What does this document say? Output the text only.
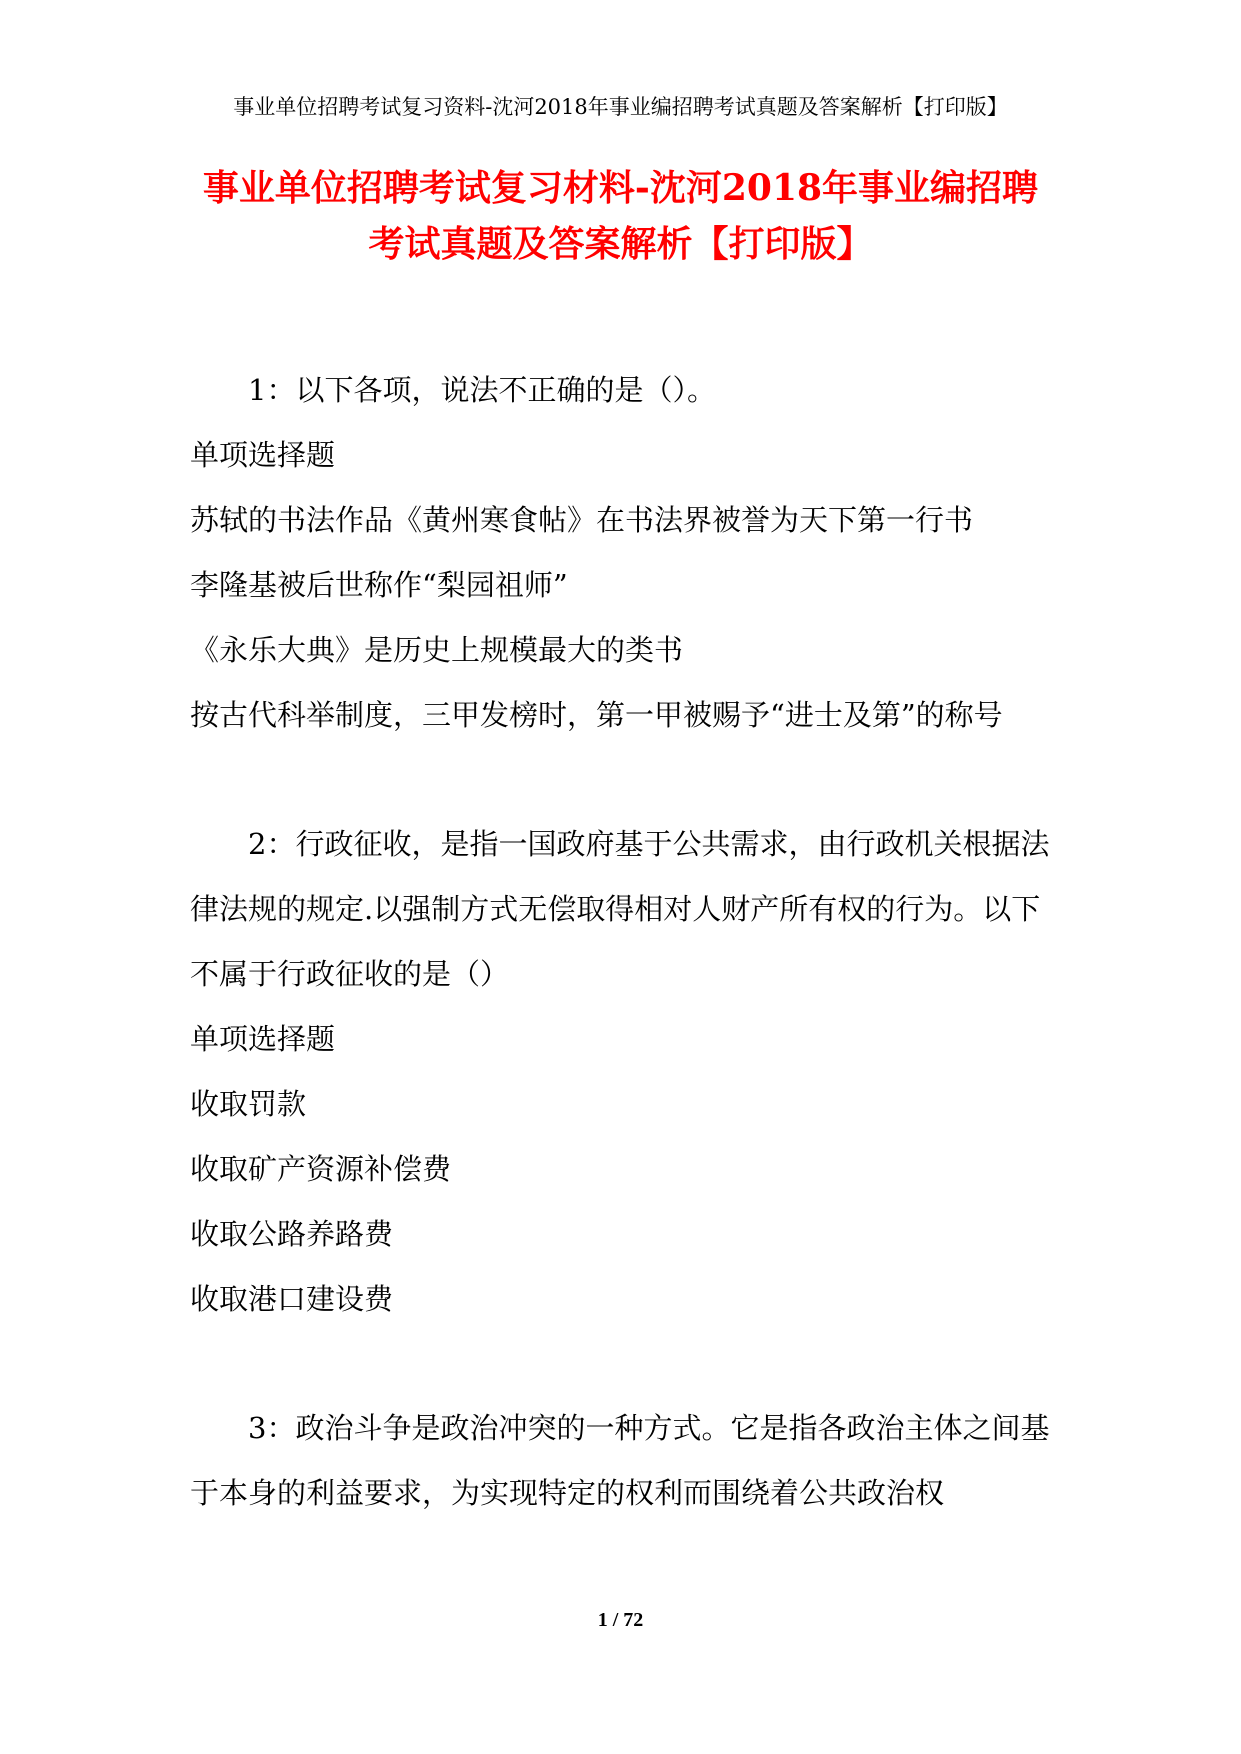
事业单位招聘考试复习资料-沈河2018年事业编招聘考试真题及答案解析【打印版】
事业单位招聘考试复习材料-沈河2018年事业编招聘
考试真题及答案解析【打印版】

1：以下各项，说法不正确的是（）。

单项选择题

苏轼的书法作品《黄州寒食帖》在书法界被誉为天下第一行书

李隆基被后世称作“梨园祖师”

《永乐大典》是历史上规模最大的类书

按古代科举制度，三甲发榜时，第一甲被赐予“进士及第”的称号

2：行政征收，是指一国政府基于公共需求，由行政机关根据法律法规的规定.以强制方式无偿取得相对人财产所有权的行为。以下不属于行政征收的是（）

单项选择题

收取罚款

收取矿产资源补偿费

收取公路养路费

收取港口建设费

3：政治斗争是政治冲突的一种方式。它是指各政治主体之间基于本身的利益要求，为实现特定的权利而围绕着公共政治权

1 / 72
